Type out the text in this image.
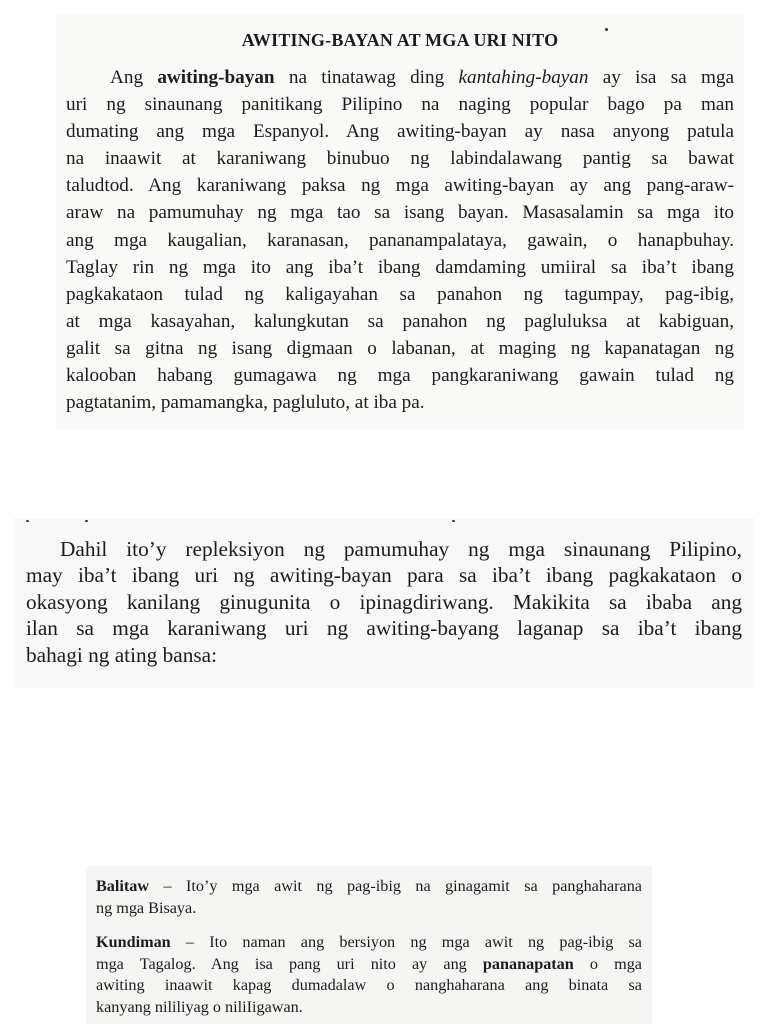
AWITING-BAYAN AT MGA URI NITO

Ang awiting-bayan na tinatawag ding kantahing-bayan ay isa sa mga
uri ng sinaunang panitikang Pilipino na naging popular bago pa man
dumating ang mga Espanyol. Ang awiting-bayan ay nasa anyong patula
na inaawit at karaniwang binubuo ng labindalawang pantig sa bawat
taludtod. Ang karaniwang paksa ng mga awiting-bayan ay ang pang-araw-
araw na pamumuhay ng mga tao sa isang bayan. Masasalamin sa mga ito
ang mga kaugalian, karanasan, pananampalataya, gawain, o hanapbuhay.
Taglay rin ng mga ito ang iba’t ibang damdaming umiiral sa iba’t ibang
pagkakataon tulad ng kaligayahan sa panahon ng tagumpay, pag-ibig,
at mga kasayahan, kalungkutan sa panahon ng pagluluksa at kabiguan,
galit sa gitna ng isang digmaan o labanan, at maging ng kapanatagan ng
kalooban habang gumagawa ng mga pangkaraniwang gawain tulad ng
pagtatanim, pamamangka, pagluluto, at iba pa.

Dahil ito’y repleksiyon ng pamumuhay ng mga sinaunang Pilipino,
may iba’t ibang uri ng awiting-bayan para sa iba’t ibang pagkakataon o
okasyong kanilang ginugunita o ipinagdiriwang. Makikita sa ibaba ang
ilan sa mga karaniwang uri ng awiting-bayang laganap sa iba’t ibang
bahagi ng ating bansa:

Balitaw – Ito’y mga awit ng pag-ibig na ginagamit sa panghaharana
ng mga Bisaya.

Kundiman – Ito naman ang bersiyon ng mga awit ng pag-ibig sa
mga Tagalog. Ang isa pang uri nito ay ang pananapatan o mga
awiting inaawit kapag dumadalaw o nanghaharana ang binata sa
kanyang nililiyag o niliIigawan.
